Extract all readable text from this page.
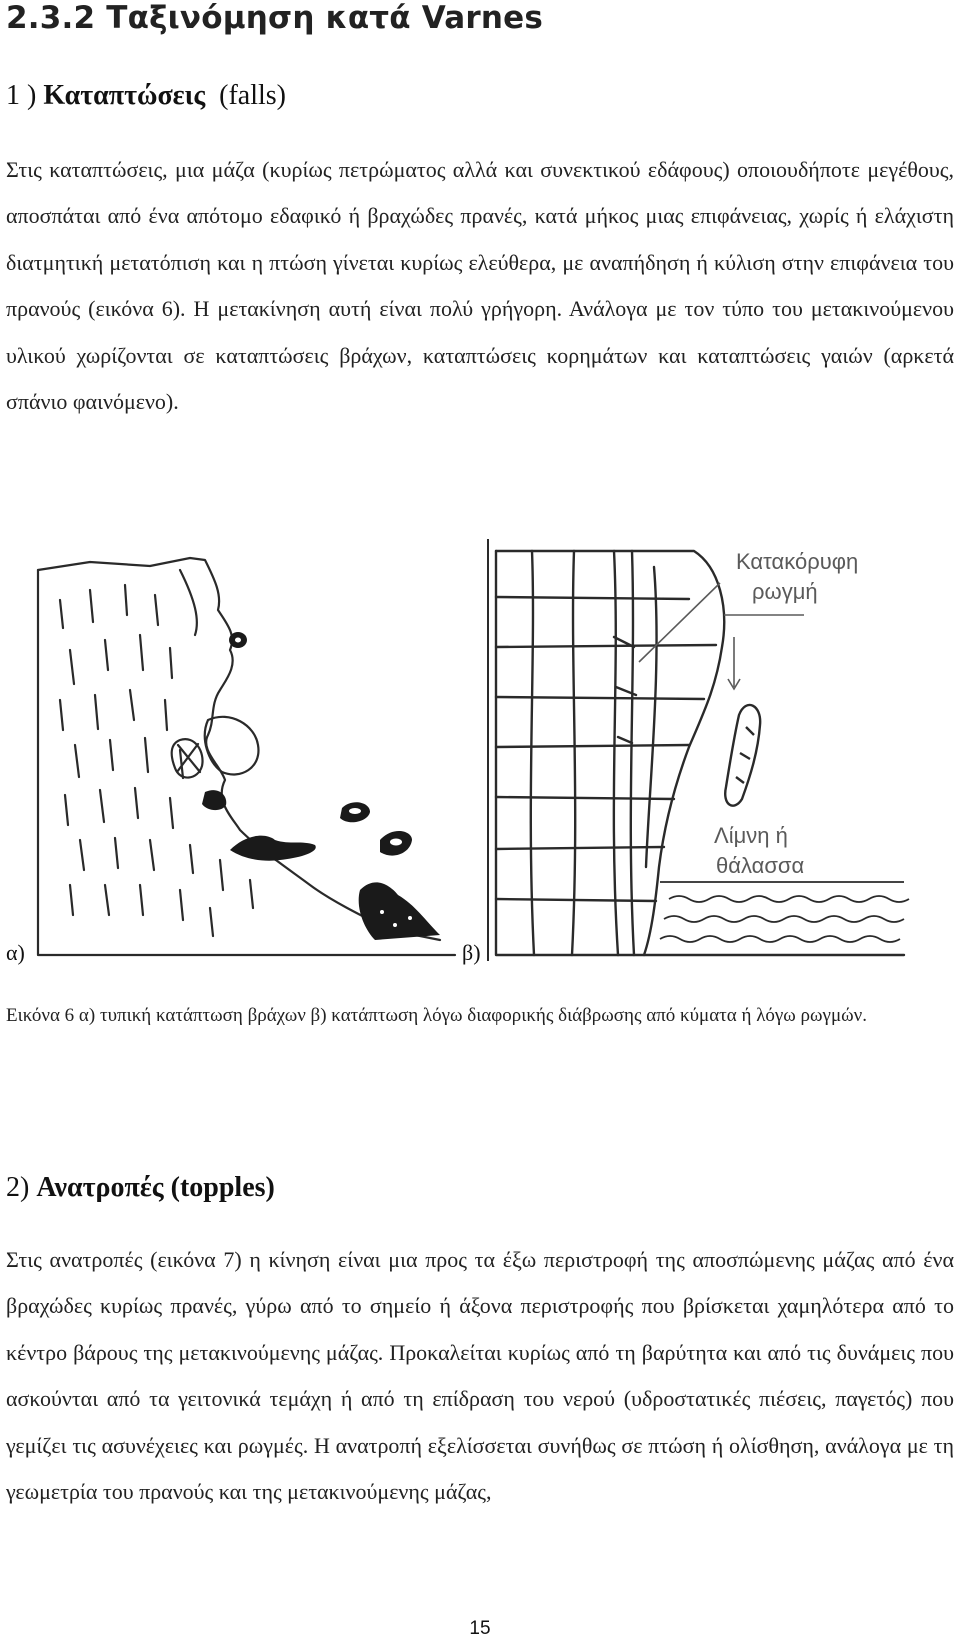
2.3.2 Ταξινόμηση κατά Varnes
1 ) Καταπτώσεις (falls)

Στις καταπτώσεις, μια μάζα (κυρίως πετρώματος αλλά και συνεκτικού εδάφους) οποιουδήποτε μεγέθους, αποσπάται από ένα απότομο εδαφικό ή βραχώδες πρανές, κατά μήκος μιας επιφάνειας, χωρίς ή ελάχιστη διατμητική μετατόπιση και η πτώση γίνεται κυρίως ελεύθερα, με αναπήδηση ή κύλιση στην επιφάνεια του πρανούς (εικόνα 6). Η μετακίνηση αυτή είναι πολύ γρήγορη. Ανάλογα με τον τύπο του μετακινούμενου υλικού χωρίζονται σε καταπτώσεις βράχων, καταπτώσεις κορημάτων και καταπτώσεις γαιών (αρκετά σπάνιο φαινόμενο).

Κατακόρυφη
ρωγμή
Λίμνη ή
θάλασσα
α)	β)

Εικόνα 6 α) τυπική κατάπτωση βράχων β) κατάπτωση λόγω διαφορικής διάβρωσης από κύματα ή λόγω ρωγμών.

2) Ανατροπές (topples)

Στις ανατροπές (εικόνα 7) η κίνηση είναι μια προς τα έξω περιστροφή της αποσπώμενης μάζας από ένα βραχώδες κυρίως πρανές, γύρω από το σημείο ή άξονα περιστροφής που βρίσκεται χαμηλότερα από το κέντρο βάρους της μετακινούμενης μάζας. Προκαλείται κυρίως από τη βαρύτητα και από τις δυνάμεις που ασκούνται από τα γειτονικά τεμάχη ή από τη επίδραση του νερού (υδροστατικές πιέσεις, παγετός) που γεμίζει τις ασυνέχειες και ρωγμές. Η ανατροπή εξελίσσεται συνήθως σε πτώση ή ολίσθηση, ανάλογα με τη γεωμετρία του πρανούς και της μετακινούμενης μάζας,

15
